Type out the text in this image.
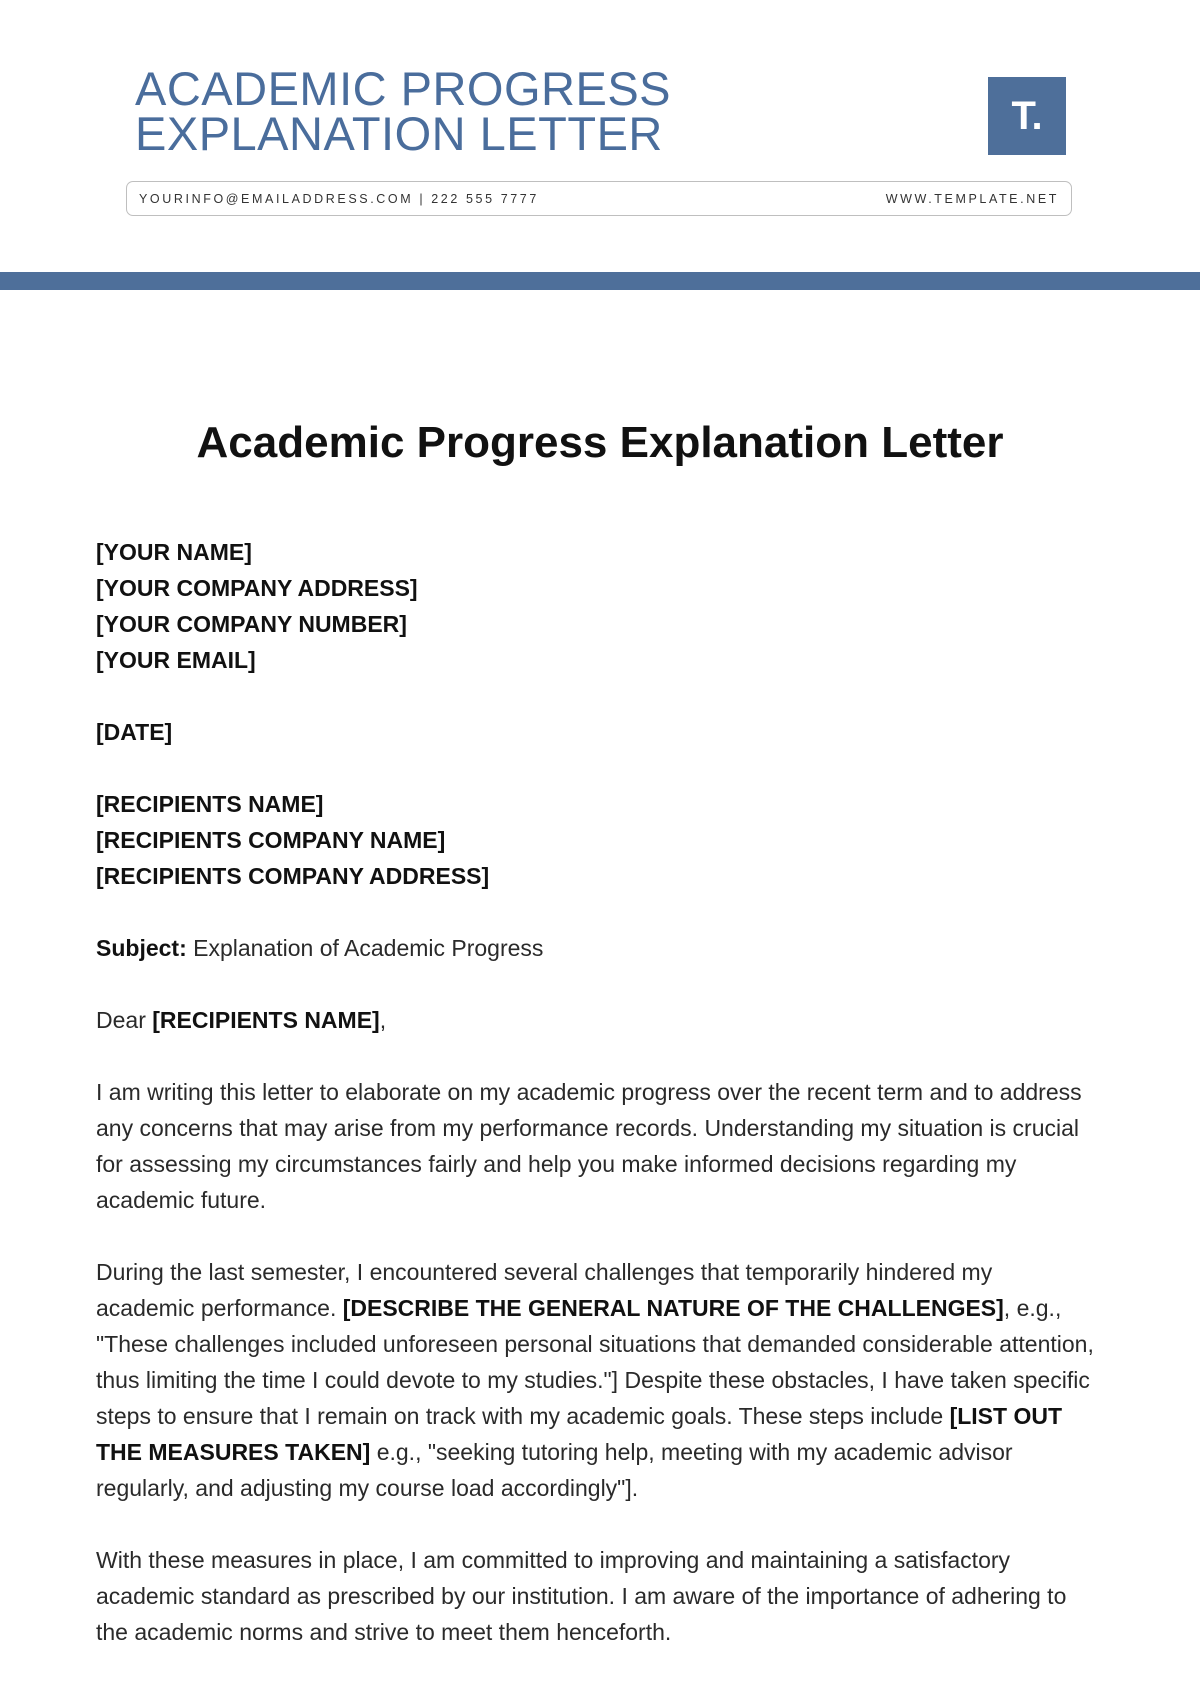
ACADEMIC PROGRESS
EXPLANATION LETTER	T.
YOURINFO@EMAILADDRESS.COM | 222 555 7777	WWW.TEMPLATE.NET
Academic Progress Explanation Letter
[YOUR NAME]
[YOUR COMPANY ADDRESS]
[YOUR COMPANY NUMBER]
[YOUR EMAIL]
[DATE]
[RECIPIENTS NAME]
[RECIPIENTS COMPANY NAME]
[RECIPIENTS COMPANY ADDRESS]

Subject: Explanation of Academic Progress

Dear [RECIPIENTS NAME],

I am writing this letter to elaborate on my academic progress over the recent term and to address any concerns that may arise from my performance records. Understanding my situation is crucial for assessing my circumstances fairly and help you make informed decisions regarding my academic future.

During the last semester, I encountered several challenges that temporarily hindered my academic performance. [DESCRIBE THE GENERAL NATURE OF THE CHALLENGES], e.g., "These challenges included unforeseen personal situations that demanded considerable attention, thus limiting the time I could devote to my studies."] Despite these obstacles, I have taken specific steps to ensure that I remain on track with my academic goals. These steps include [LIST OUT THE MEASURES TAKEN] e.g., "seeking tutoring help, meeting with my academic advisor regularly, and adjusting my course load accordingly"].

With these measures in place, I am committed to improving and maintaining a satisfactory academic standard as prescribed by our institution. I am aware of the importance of adhering to the academic norms and strive to meet them henceforth.
